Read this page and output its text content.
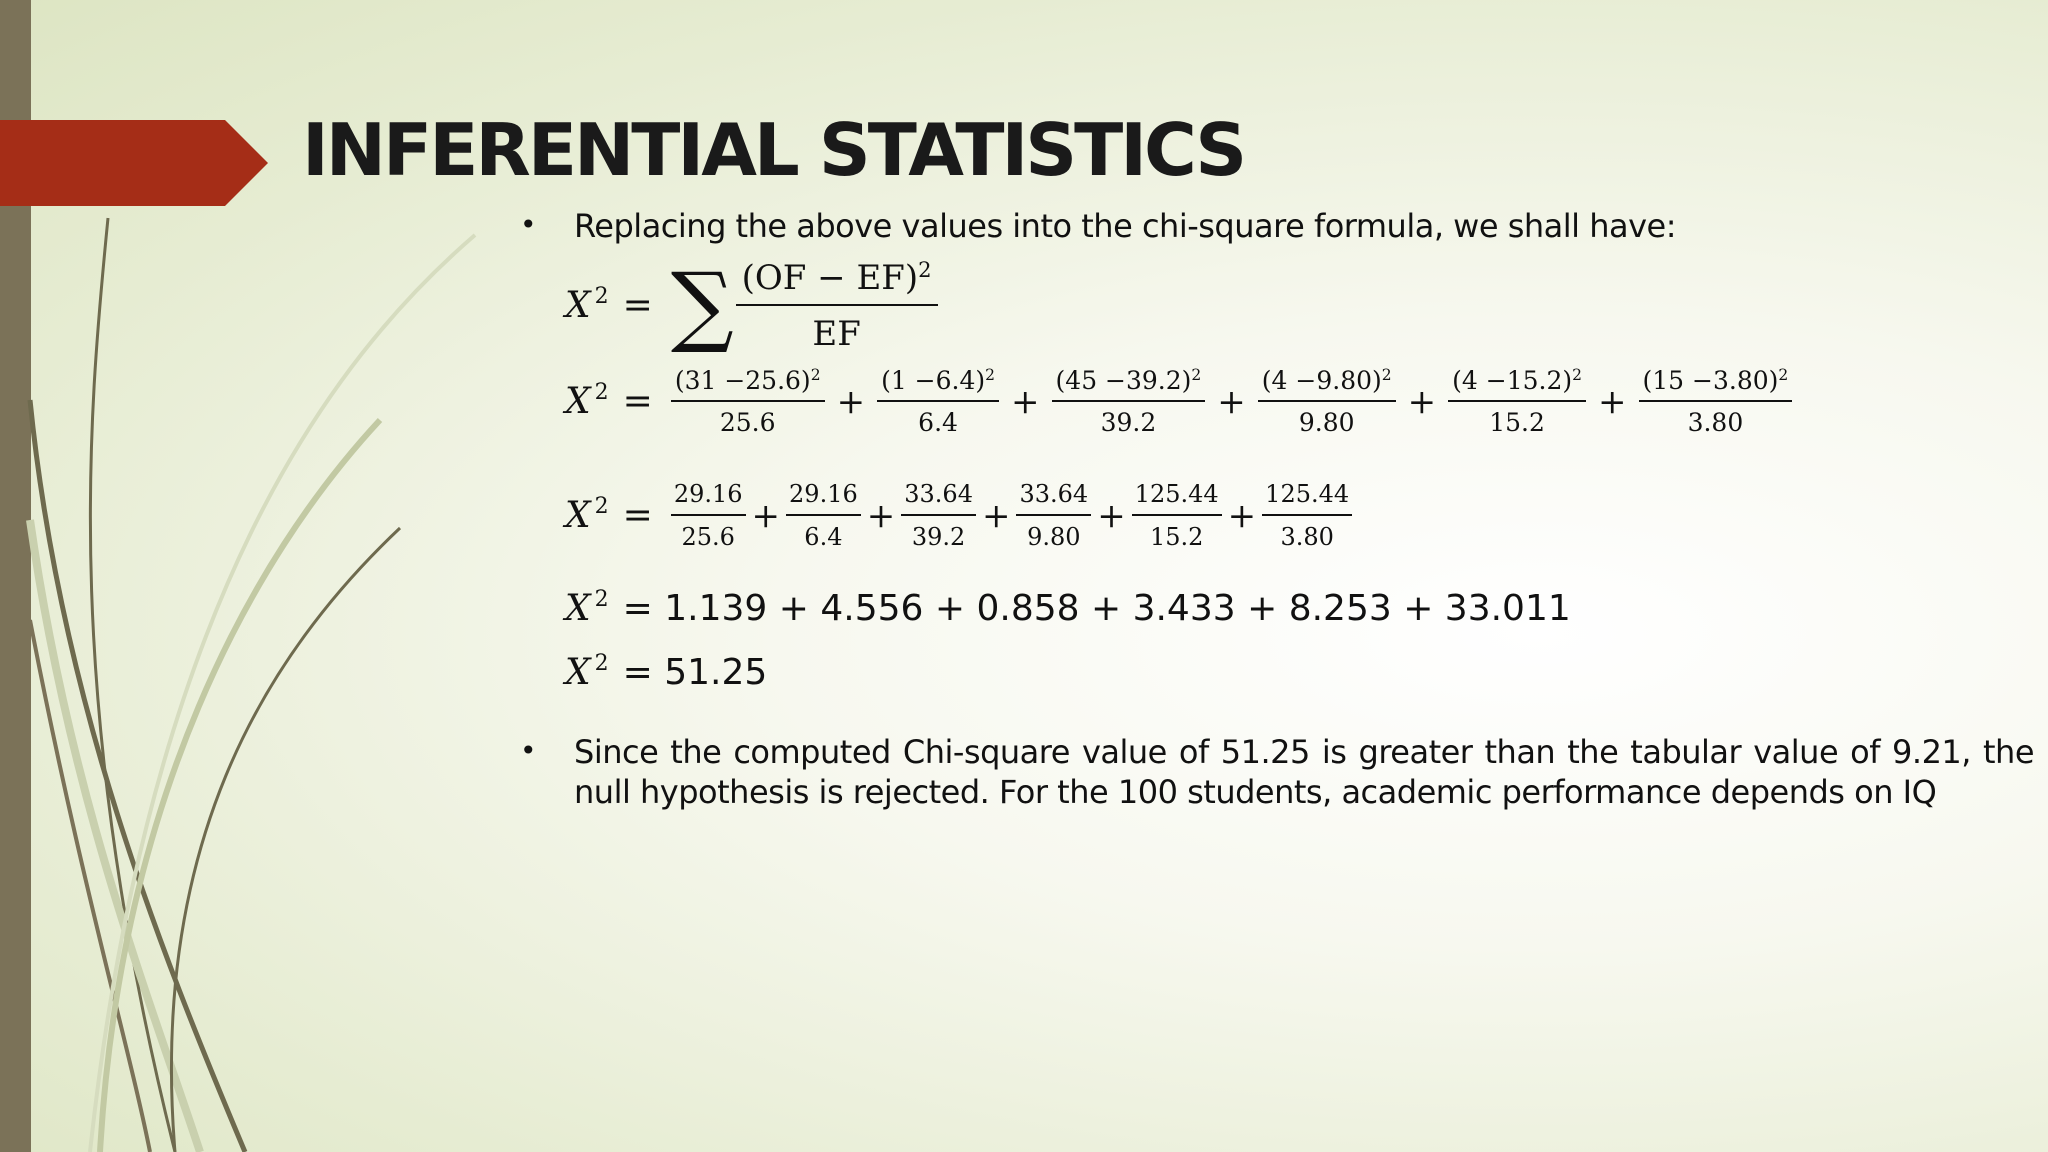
INFERENTIAL STATISTICS
•	Replacing the above values into the chi-square formula, we shall have:
$X^2$ = ∑ $\frac{(OF - EF)^2}{EF}$
$X^2 = \frac{(31 -25.6)^2}{25.6} + \frac{(1 -6.4)^2}{6.4} + \frac{(45 -39.2)^2}{39.2} + \frac{(4 -9.80)^2}{9.80} + \frac{(4 -15.2)^2}{15.2} + \frac{(15 -3.80)^2}{3.80}$
$X^2 = \frac{29.16}{25.6} + \frac{29.16}{6.4} + \frac{33.64}{39.2} + \frac{33.64}{9.80} + \frac{125.44}{15.2} + \frac{125.44}{3.80}$
$X^2 = 1.139 + 4.556 + 0.858 + 3.433 + 8.253 + 33.011$
$X^2 = 51.25$
•	Since the computed Chi-square value of 51.25 is greater than the tabular value of 9.21, the null hypothesis is rejected. For the 100 students, academic performance depends on IQ
